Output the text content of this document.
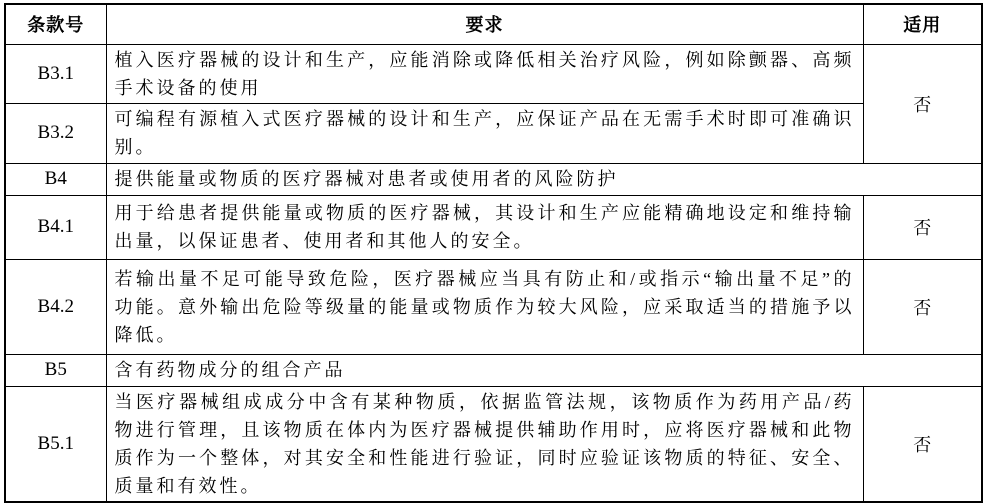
条款号	要求	适用
B3.1	植入医疗器械的设计和生产，应能消除或降低相关治疗风险，例如除颤器、高频手术设备的使用	否
B3.2	可编程有源植入式医疗器械的设计和生产，应保证产品在无需手术时即可准确识别。	
B4	提供能量或物质的医疗器械对患者或使用者的风险防护	
B4.1	用于给患者提供能量或物质的医疗器械，其设计和生产应能精确地设定和维持输出量，以保证患者、使用者和其他人的安全。	否
B4.2	若输出量不足可能导致危险，医疗器械应当具有防止和/或指示“输出量不足”的功能。意外输出危险等级量的能量或物质作为较大风险，应采取适当的措施予以降低。	否
B5	含有药物成分的组合产品	
B5.1	当医疗器械组成成分中含有某种物质，依据监管法规，该物质作为药用产品/药物进行管理，且该物质在体内为医疗器械提供辅助作用时，应将医疗器械和此物质作为一个整体，对其安全和性能进行验证，同时应验证该物质的特征、安全、质量和有效性。	否
